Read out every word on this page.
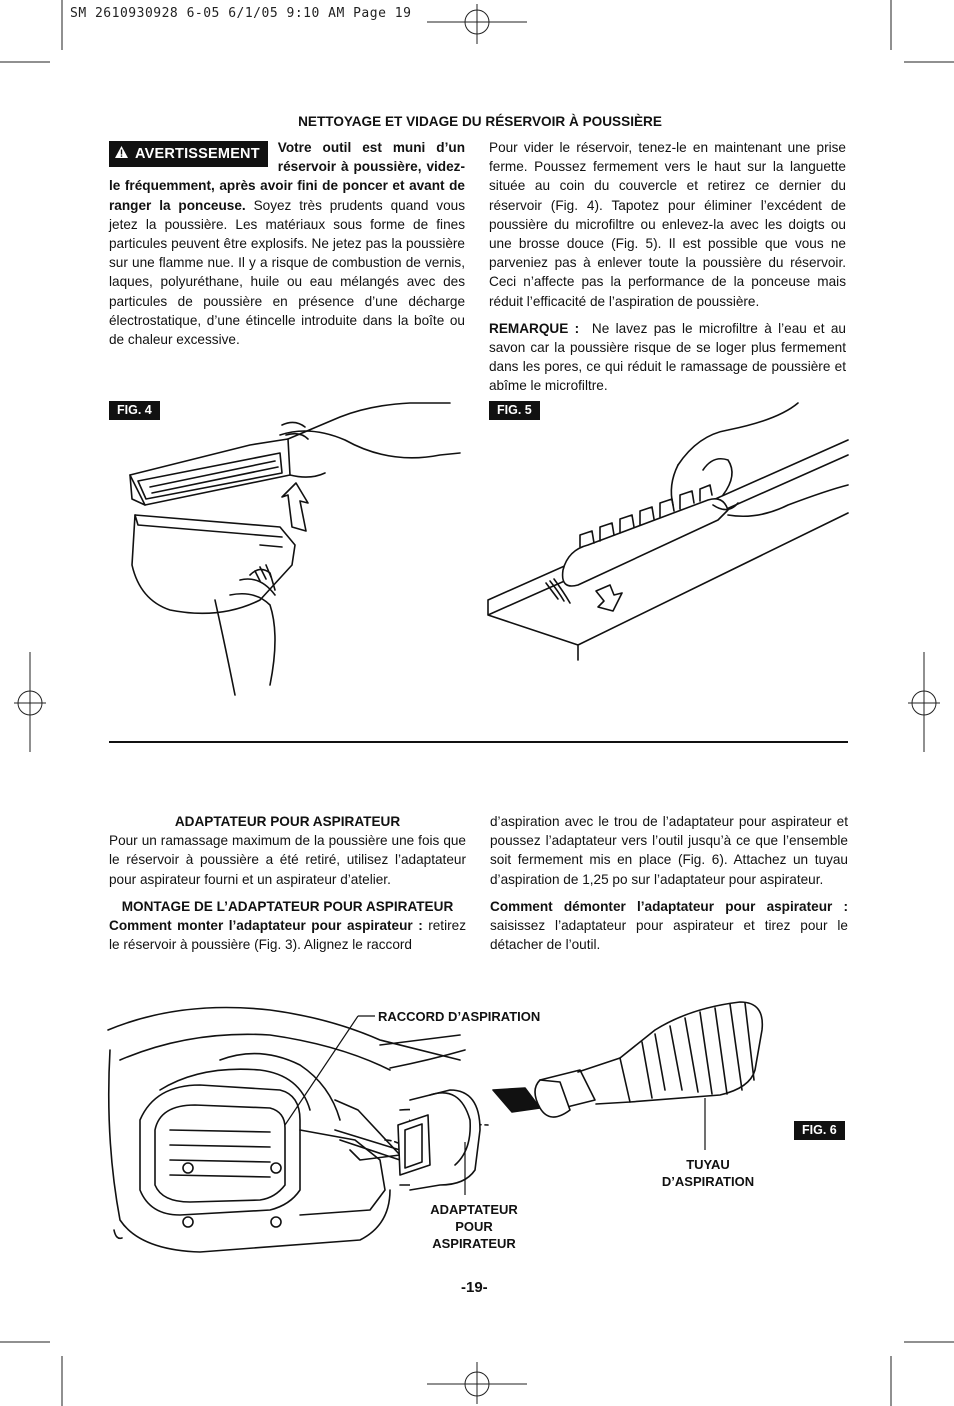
SM 2610930928 6-05 6/1/05 9:10 AM Page 19
NETTOYAGE ET VIDAGE DU RÉSERVOIR À POUSSIÈRE
AVERTISSEMENT	Votre outil est muni d’un réservoir à poussière, videz-le fréquemment, après avoir fini de poncer et avant de ranger la ponceuse. Soyez très prudents quand vous jetez la poussière. Les matériaux sous forme de fines particules peuvent être explosifs. Ne jetez pas la poussière sur une flamme nue. Il y a risque de combustion de vernis, laques, polyuréthane, huile ou eau mélangés avec des particules de poussière en présence d’une décharge électrostatique, d’une étincelle introduite dans la boîte ou de chaleur excessive.

Pour vider le réservoir, tenez-le en maintenant une prise ferme. Poussez fermement vers le haut sur la languette située au coin du couvercle et retirez ce dernier du réservoir (Fig. 4). Tapotez pour éliminer l’excédent de poussière du microfiltre ou enlevez-la avec les doigts ou une brosse douce (Fig. 5). Il est possible que vous ne parveniez pas à enlever toute la poussière du réservoir. Ceci n’affecte pas la performance de la ponceuse mais réduit l’efficacité de l’aspiration de poussière.

REMARQUE : Ne lavez pas le microfiltre à l’eau et au savon car la poussière risque de se loger plus fermement dans les pores, ce qui réduit le ramassage de poussière et abîme le microfiltre.

FIG. 4	FIG. 5
ADAPTATEUR POUR ASPIRATEUR

Pour un ramassage maximum de la poussière une fois que le réservoir à poussière a été retiré, utilisez l’adaptateur pour aspirateur fourni et un aspirateur d’atelier.

MONTAGE DE L’ADAPTATEUR POUR ASPIRATEUR

Comment monter l’adaptateur pour aspirateur : retirez le réservoir à poussière (Fig. 3). Alignez le raccord

d’aspiration avec le trou de l’adaptateur pour aspirateur et poussez l’adaptateur vers l’outil jusqu’à ce que l’ensemble soit fermement mis en place (Fig. 6). Attachez un tuyau d’aspiration de 1,25 po sur l’adaptateur pour aspirateur.

Comment démonter l’adaptateur pour aspirateur : saisissez l’adaptateur pour aspirateur et tirez pour le détacher de l’outil.

RACCORD D’ASPIRATION
TUYAU
D’ASPIRATION
ADAPTATEUR
POUR
ASPIRATEUR
FIG. 6
-19-
